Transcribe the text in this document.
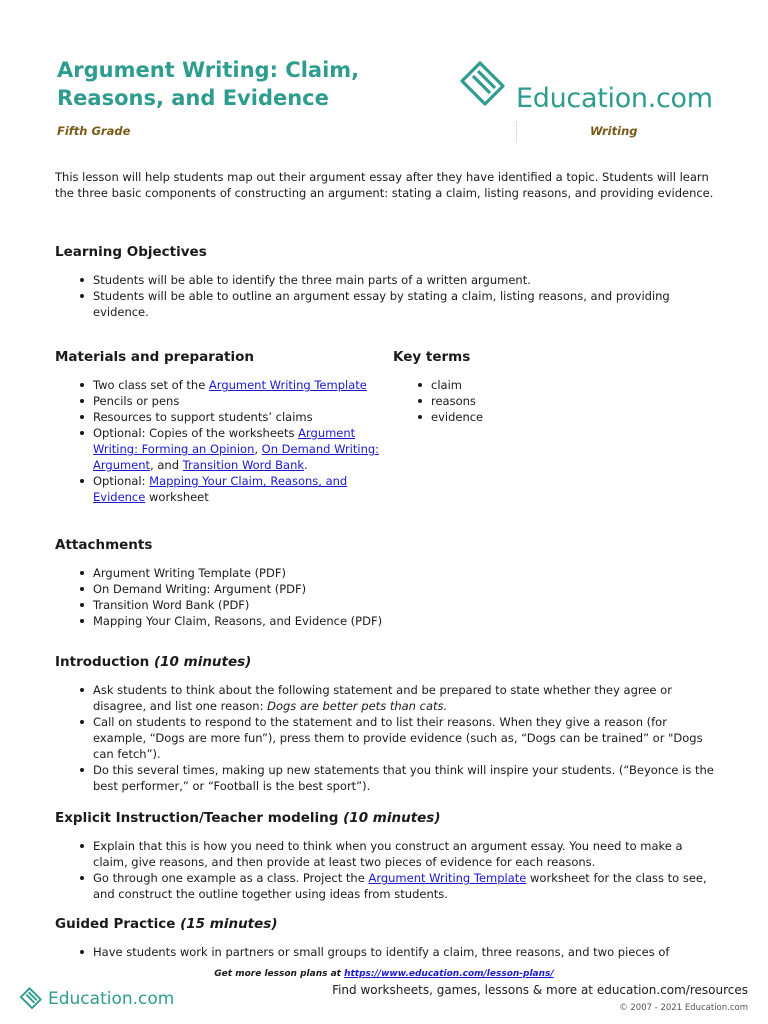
Argument Writing: Claim, Reasons, and Evidence	Education.com
Fifth Grade	Writing

This lesson will help students map out their argument essay after they have identified a topic. Students will learn the three basic components of constructing an argument: stating a claim, listing reasons, and providing evidence.

Learning Objectives
Students will be able to identify the three main parts of a written argument.
Students will be able to outline an argument essay by stating a claim, listing reasons, and providing evidence.
Materials and preparation
Two class set of the Argument Writing Template
Pencils or pens
Resources to support students’ claims
Optional: Copies of the worksheets Argument Writing: Forming an Opinion, On Demand Writing: Argument, and Transition Word Bank.
Optional: Mapping Your Claim, Reasons, and Evidence worksheet
Key terms
claim
reasons
evidence
Attachments
Argument Writing Template (PDF)
On Demand Writing: Argument (PDF)
Transition Word Bank (PDF)
Mapping Your Claim, Reasons, and Evidence (PDF)
Introduction (10 minutes)
Ask students to think about the following statement and be prepared to state whether they agree or disagree, and list one reason: Dogs are better pets than cats.
Call on students to respond to the statement and to list their reasons. When they give a reason (for example, “Dogs are more fun”), press them to provide evidence (such as, “Dogs can be trained” or "Dogs can fetch”).
Do this several times, making up new statements that you think will inspire your students. (“Beyonce is the best performer,” or “Football is the best sport”).
Explicit Instruction/Teacher modeling (10 minutes)
Explain that this is how you need to think when you construct an argument essay. You need to make a claim, give reasons, and then provide at least two pieces of evidence for each reasons.
Go through one example as a class. Project the Argument Writing Template worksheet for the class to see, and construct the outline together using ideas from students.
Guided Practice (15 minutes)
Have students work in partners or small groups to identify a claim, three reasons, and two pieces of
Get more lesson plans at https://www.education.com/lesson-plans/
Education.com	Find worksheets, games, lessons & more at education.com/resources
© 2007 - 2021 Education.com
